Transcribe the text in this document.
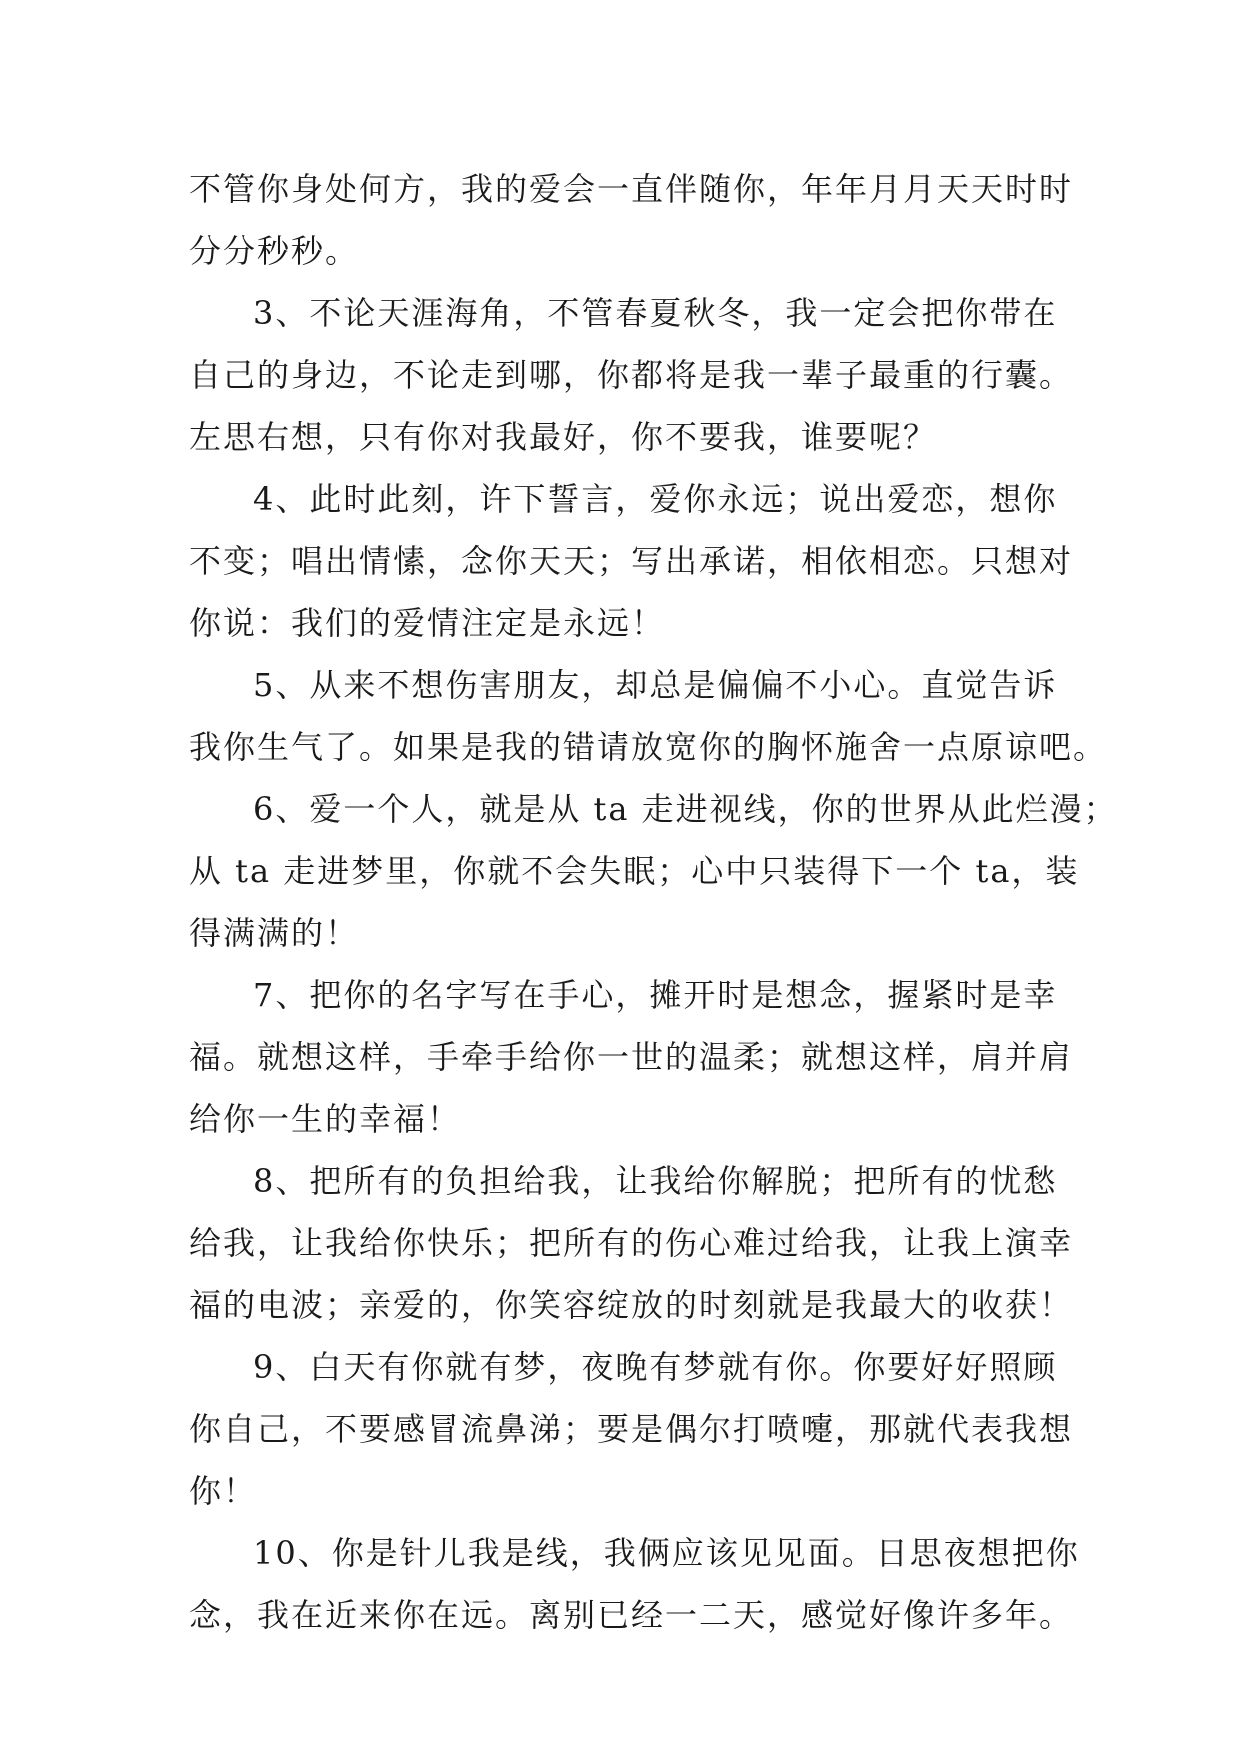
不管你身处何方，我的爱会一直伴随你，年年月月天天时时
分分秒秒。
3、不论天涯海角，不管春夏秋冬，我一定会把你带在
自己的身边，不论走到哪，你都将是我一辈子最重的行囊。
左思右想，只有你对我最好，你不要我，谁要呢？
4、此时此刻，许下誓言，爱你永远；说出爱恋，想你
不变；唱出情愫，念你天天；写出承诺，相依相恋。只想对
你说：我们的爱情注定是永远！
5、从来不想伤害朋友，却总是偏偏不小心。直觉告诉
我你生气了。如果是我的错请放宽你的胸怀施舍一点原谅吧。
6、爱一个人，就是从 ta 走进视线，你的世界从此烂漫；
从 ta 走进梦里，你就不会失眠；心中只装得下一个 ta，装
得满满的！
7、把你的名字写在手心，摊开时是想念，握紧时是幸
福。就想这样，手牵手给你一世的温柔；就想这样，肩并肩
给你一生的幸福！
8、把所有的负担给我，让我给你解脱；把所有的忧愁
给我，让我给你快乐；把所有的伤心难过给我，让我上演幸
福的电波；亲爱的，你笑容绽放的时刻就是我最大的收获！
9、白天有你就有梦，夜晚有梦就有你。你要好好照顾
你自己，不要感冒流鼻涕；要是偶尔打喷嚏，那就代表我想
你！
10、你是针儿我是线，我俩应该见见面。日思夜想把你
念，我在近来你在远。离别已经一二天，感觉好像许多年。
